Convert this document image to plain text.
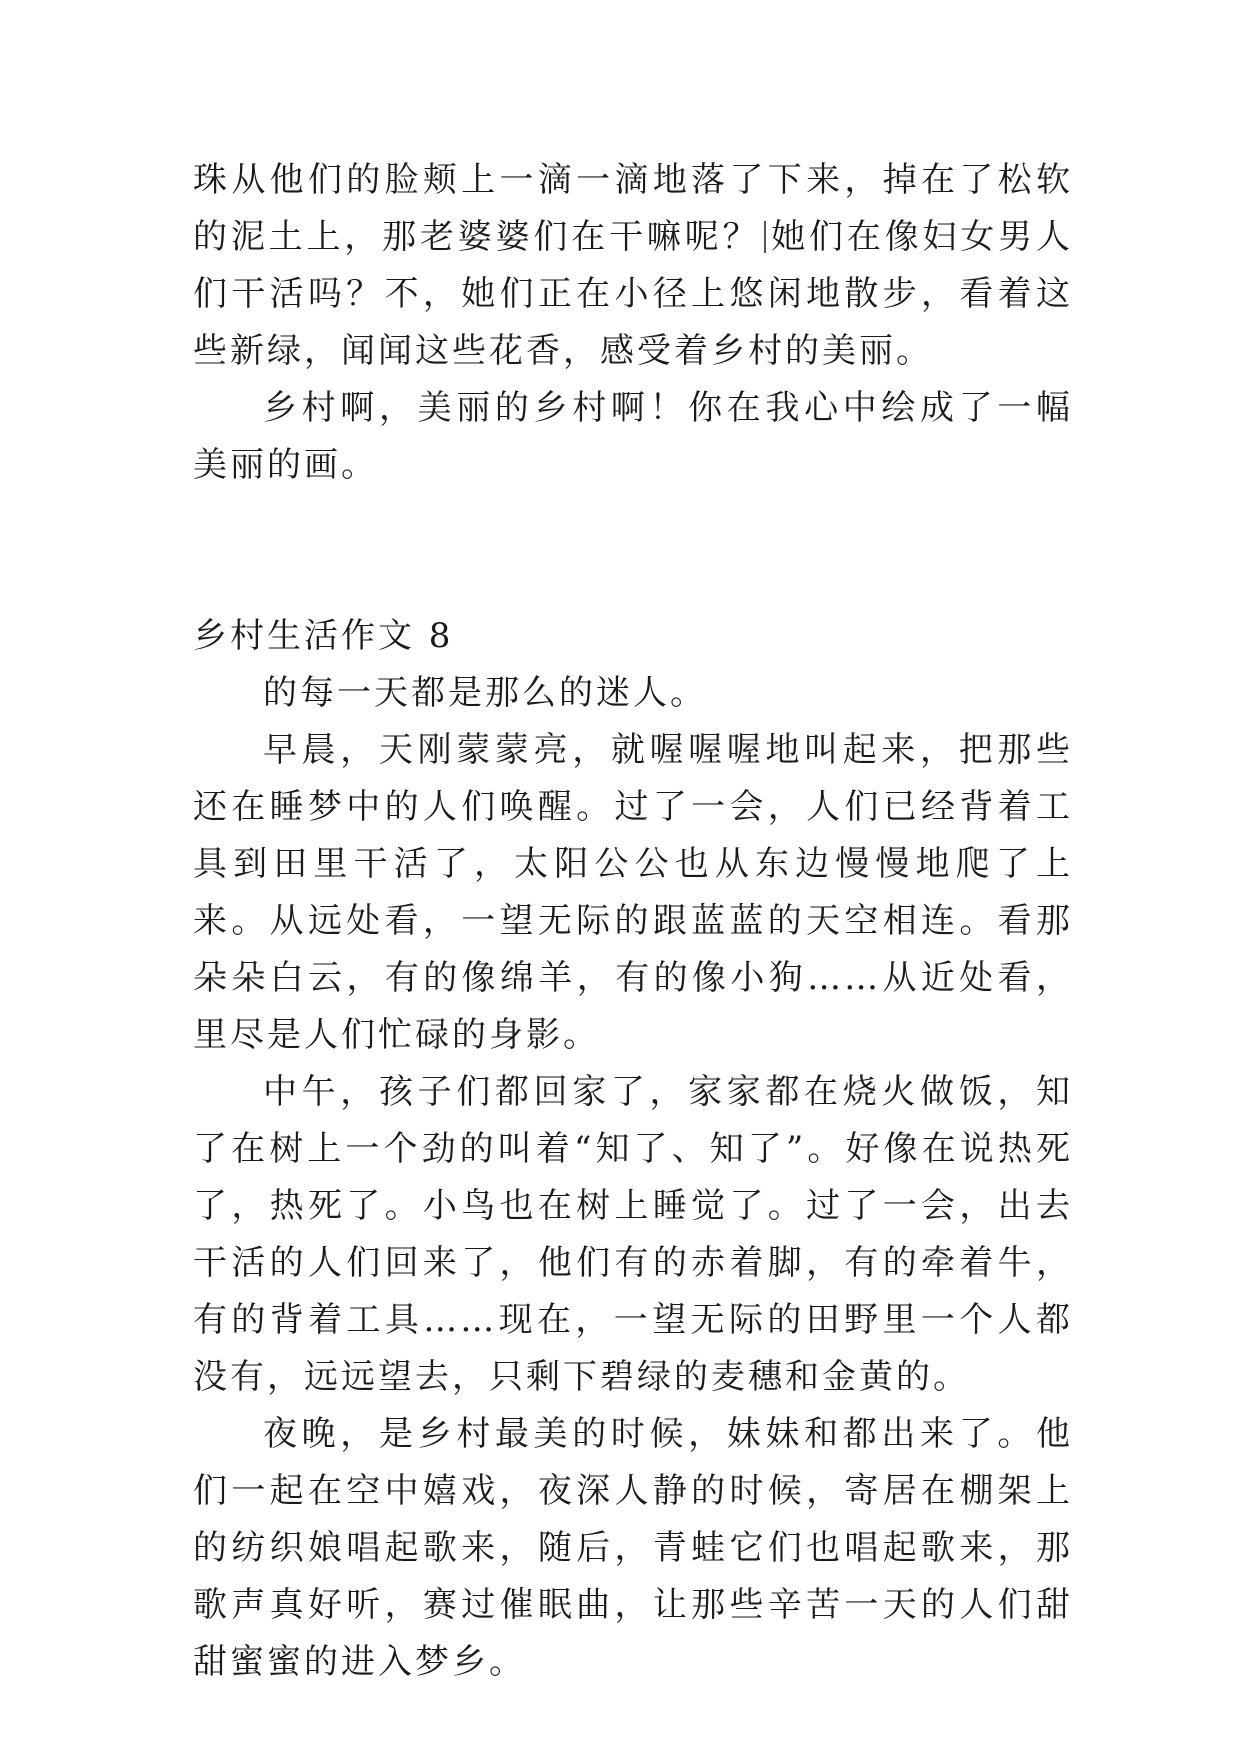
珠从他们的脸颊上一滴一滴地落了下来，掉在了松软的泥土上，那老婆婆们在干嘛呢？ 她们在像妇女男人们干活吗？不，她们正在小径上悠闲地散步，看着这些新绿，闻闻这些花香，感受着乡村的美丽。

乡村啊，美丽的乡村啊！你在我心中绘成了一幅美丽的画。

乡村生活作文 8

的每一天都是那么的迷人。

早晨，天刚蒙蒙亮，就喔喔喔地叫起来，把那些还在睡梦中的人们唤醒。过了一会，人们已经背着工具到田里干活了，太阳公公也从东边慢慢地爬了上来。从远处看，一望无际的跟蓝蓝的天空相连。看那朵朵白云，有的像绵羊，有的像小狗……从近处看，里尽是人们忙碌的身影。

中午，孩子们都回家了，家家都在烧火做饭，知了在树上一个劲的叫着“知了、知了”。好像在说热死了，热死了。小鸟也在树上睡觉了。过了一会，出去干活的人们回来了，他们有的赤着脚，有的牵着牛，有的背着工具……现在，一望无际的田野里一个人都没有，远远望去，只剩下碧绿的麦穗和金黄的。

夜晚，是乡村最美的时候，妹妹和都出来了。他们一起在空中嬉戏，夜深人静的时候，寄居在棚架上的纺织娘唱起歌来，随后，青蛙它们也唱起歌来，那歌声真好听，赛过催眠曲，让那些辛苦一天的人们甜甜蜜蜜的进入梦乡。
